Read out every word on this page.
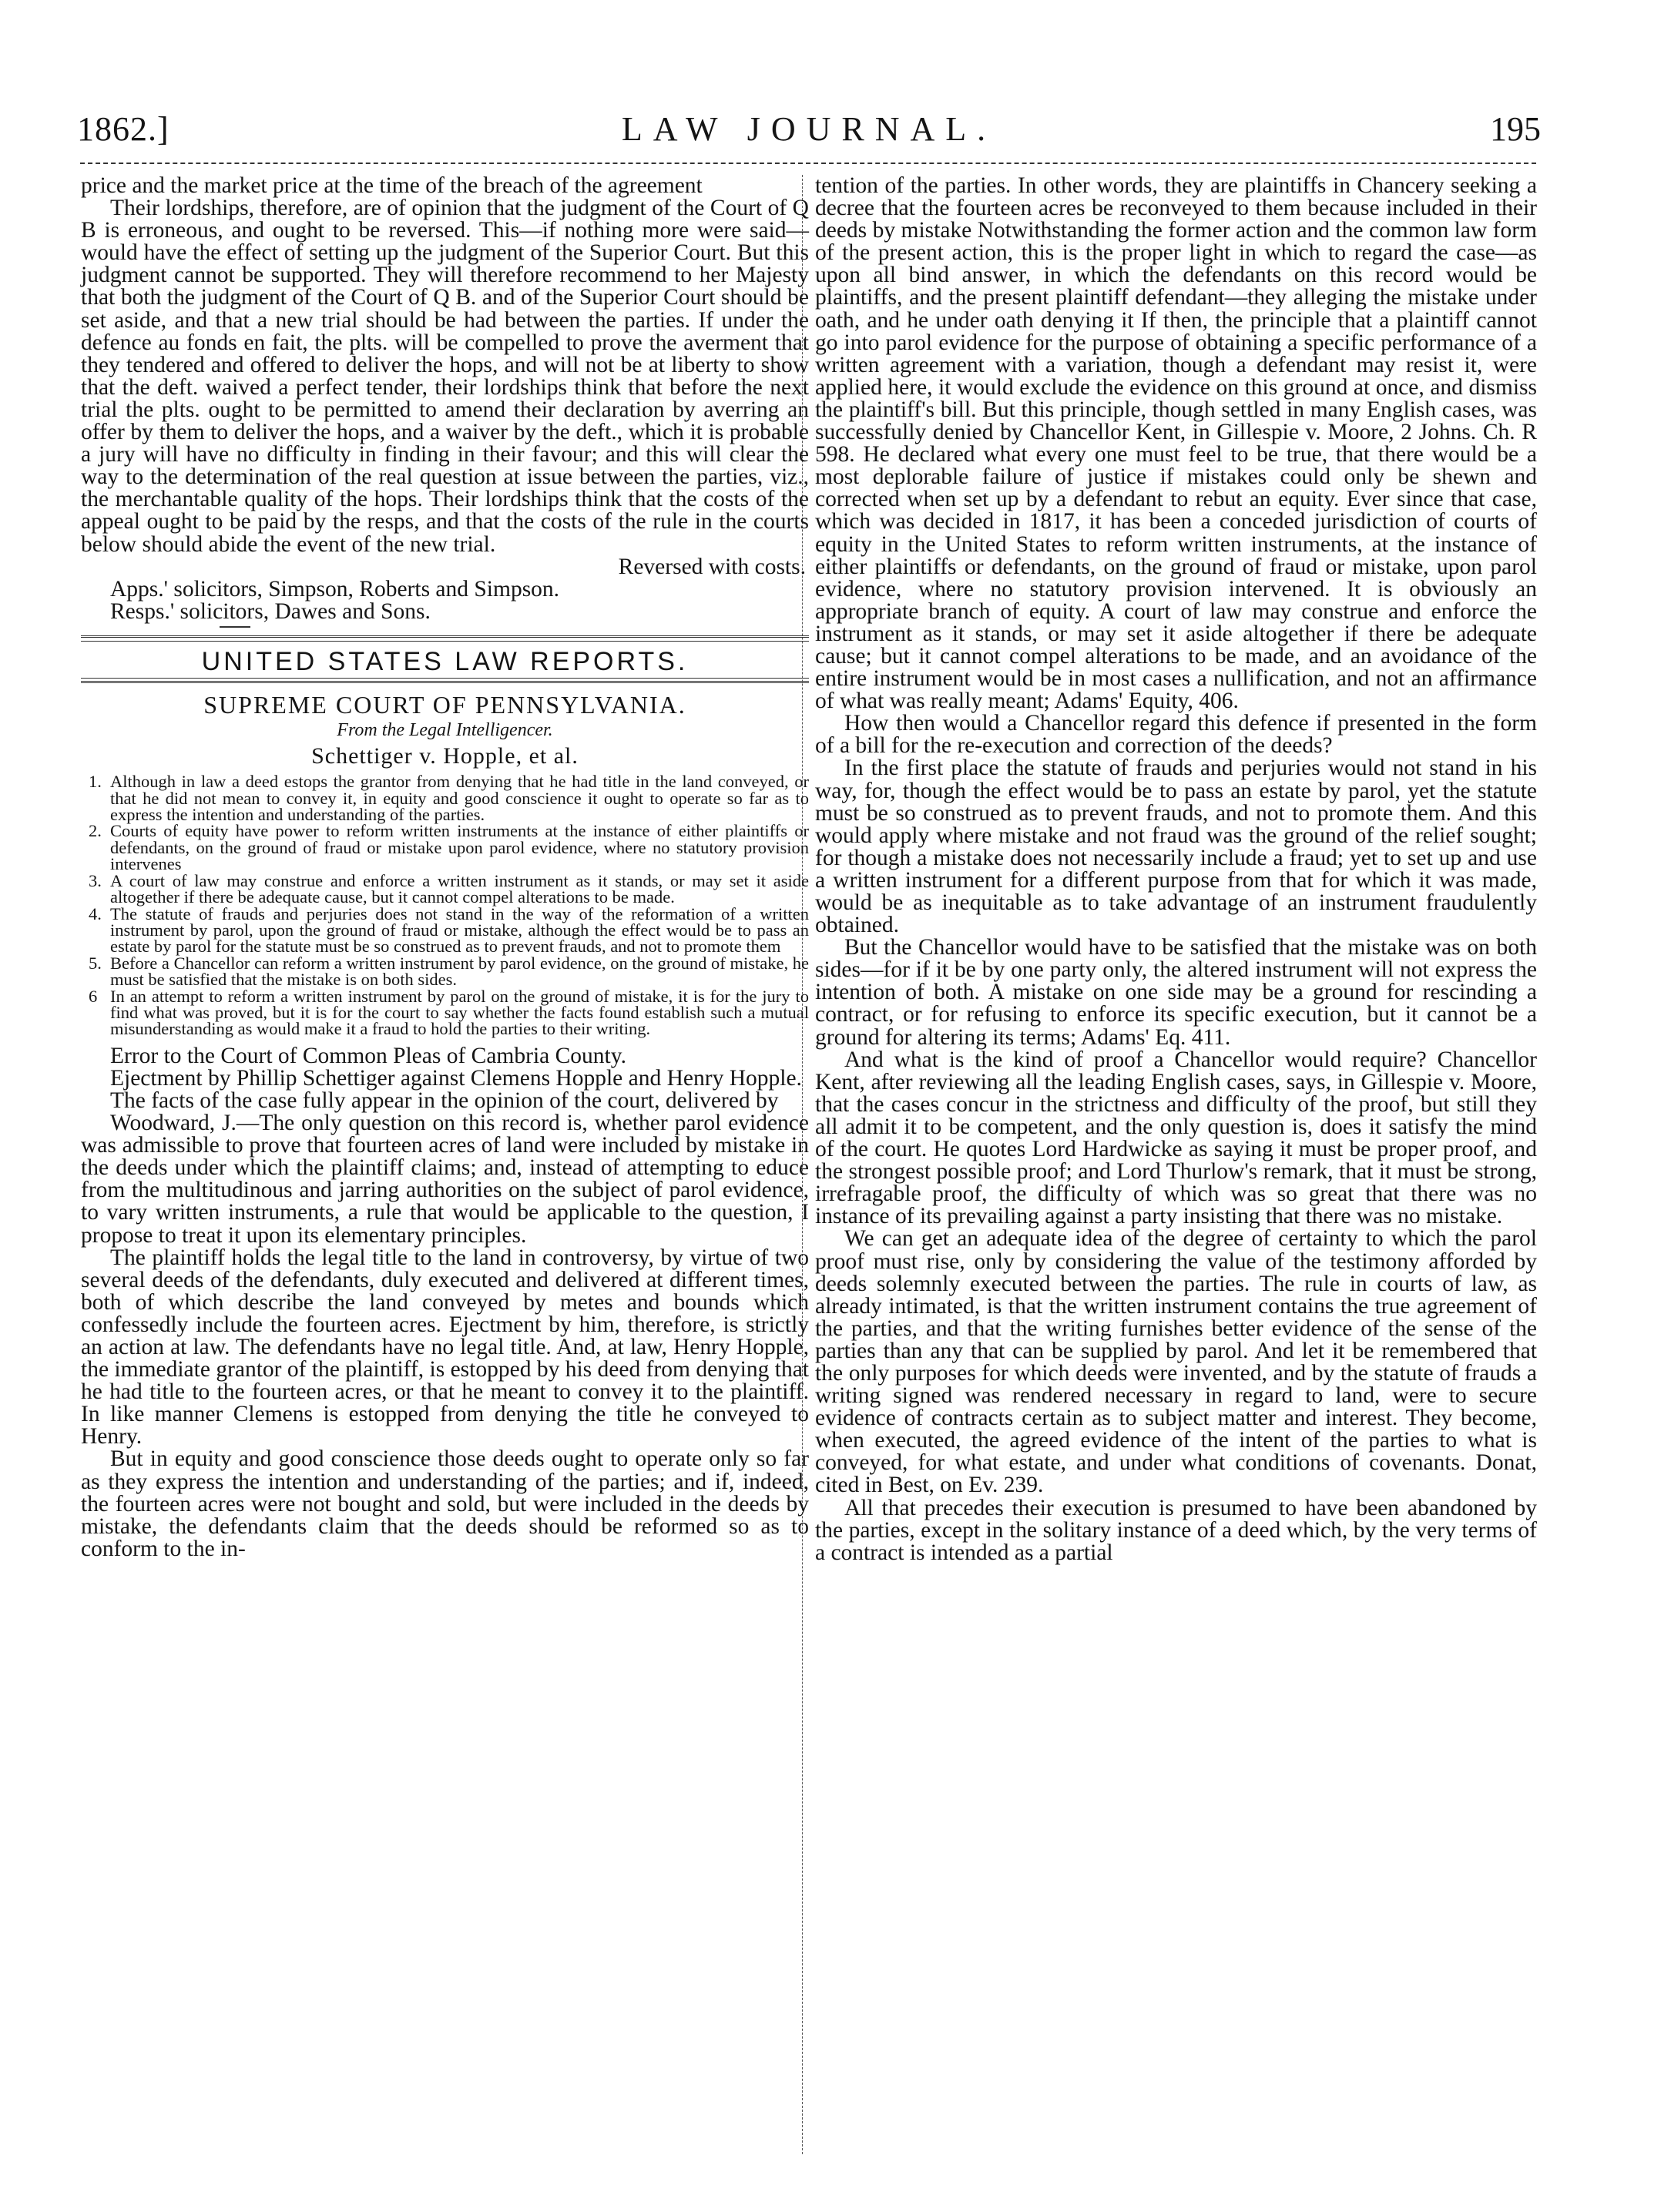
1862.]	LAW JOURNAL.	195

price and the market price at the time of the breach of the agreement

Their lordships, therefore, are of opinion that the judgment of the Court of Q B is erroneous, and ought to be reversed. This—if nothing more were said—would have the effect of setting up the judgment of the Superior Court. But this judgment cannot be supported. They will therefore recommend to her Majesty that both the judgment of the Court of Q B. and of the Superior Court should be set aside, and that a new trial should be had between the parties. If under the defence au fonds en fait, the plts. will be compelled to prove the averment that they tendered and offered to deliver the hops, and will not be at liberty to show that the deft. waived a perfect tender, their lordships think that before the next trial the plts. ought to be permitted to amend their declaration by averring an offer by them to deliver the hops, and a waiver by the deft., which it is probable a jury will have no difficulty in finding in their favour; and this will clear the way to the determination of the real question at issue between the parties, viz., the merchantable quality of the hops. Their lordships think that the costs of the appeal ought to be paid by the resps, and that the costs of the rule in the courts below should abide the event of the new trial.

Reversed with costs.

Apps.' solicitors, Simpson, Roberts and Simpson.

Resps.' solicitors, Dawes and Sons.

UNITED STATES LAW REPORTS.
SUPREME COURT OF PENNSYLVANIA.
From the Legal Intelligencer.
Schettiger v. Hopple, et al.
1. Although in law a deed estops the grantor from denying that he had title in the land conveyed, or that he did not mean to convey it, in equity and good conscience it ought to operate so far as to express the intention and understanding of the parties.
2. Courts of equity have power to reform written instruments at the instance of either plaintiffs or defendants, on the ground of fraud or mistake upon parol evidence, where no statutory provision intervenes
3. A court of law may construe and enforce a written instrument as it stands, or may set it aside altogether if there be adequate cause, but it cannot compel alterations to be made.
4. The statute of frauds and perjuries does not stand in the way of the reformation of a written instrument by parol, upon the ground of fraud or mistake, although the effect would be to pass an estate by parol for the statute must be so construed as to prevent frauds, and not to promote them
5. Before a Chancellor can reform a written instrument by parol evidence, on the ground of mistake, he must be satisfied that the mistake is on both sides.
6 In an attempt to reform a written instrument by parol on the ground of mistake, it is for the jury to find what was proved, but it is for the court to say whether the facts found establish such a mutual misunderstanding as would make it a fraud to hold the parties to their writing.

Error to the Court of Common Pleas of Cambria County.

Ejectment by Phillip Schettiger against Clemens Hopple and Henry Hopple.

The facts of the case fully appear in the opinion of the court, delivered by

Woodward, J.—The only question on this record is, whether parol evidence was admissible to prove that fourteen acres of land were included by mistake in the deeds under which the plaintiff claims; and, instead of attempting to educe from the multitudinous and jarring authorities on the subject of parol evidence, to vary written instruments, a rule that would be applicable to the question, I propose to treat it upon its elementary principles.

The plaintiff holds the legal title to the land in controversy, by virtue of two several deeds of the defendants, duly executed and delivered at different times, both of which describe the land conveyed by metes and bounds which confessedly include the fourteen acres. Ejectment by him, therefore, is strictly an action at law. The defendants have no legal title. And, at law, Henry Hopple, the immediate grantor of the plaintiff, is estopped by his deed from denying that he had title to the fourteen acres, or that he meant to convey it to the plaintiff. In like manner Clemens is estopped from denying the title he conveyed to Henry.

But in equity and good conscience those deeds ought to operate only so far as they express the intention and understanding of the parties; and if, indeed, the fourteen acres were not bought and sold, but were included in the deeds by mistake, the defendants claim that the deeds should be reformed so as to conform to the in-

tention of the parties. In other words, they are plaintiffs in Chancery seeking a decree that the fourteen acres be reconveyed to them because included in their deeds by mistake Notwithstanding the former action and the common law form of the present action, this is the proper light in which to regard the case—as upon all bind answer, in which the defendants on this record would be plaintiffs, and the present plaintiff defendant—they alleging the mistake under oath, and he under oath denying it If then, the principle that a plaintiff cannot go into parol evidence for the purpose of obtaining a specific performance of a written agreement with a variation, though a defendant may resist it, were applied here, it would exclude the evidence on this ground at once, and dismiss the plaintiff's bill. But this principle, though settled in many English cases, was successfully denied by Chancellor Kent, in Gillespie v. Moore, 2 Johns. Ch. R 598. He declared what every one must feel to be true, that there would be a most deplorable failure of justice if mistakes could only be shewn and corrected when set up by a defendant to rebut an equity. Ever since that case, which was decided in 1817, it has been a conceded jurisdiction of courts of equity in the United States to reform written instruments, at the instance of either plaintiffs or defendants, on the ground of fraud or mistake, upon parol evidence, where no statutory provision intervened. It is obviously an appropriate branch of equity. A court of law may construe and enforce the instrument as it stands, or may set it aside altogether if there be adequate cause; but it cannot compel alterations to be made, and an avoidance of the entire instrument would be in most cases a nullification, and not an affirmance of what was really meant; Adams' Equity, 406.

How then would a Chancellor regard this defence if presented in the form of a bill for the re-execution and correction of the deeds?

In the first place the statute of frauds and perjuries would not stand in his way, for, though the effect would be to pass an estate by parol, yet the statute must be so construed as to prevent frauds, and not to promote them. And this would apply where mistake and not fraud was the ground of the relief sought; for though a mistake does not necessarily include a fraud; yet to set up and use a written instrument for a different purpose from that for which it was made, would be as inequitable as to take advantage of an instrument fraudulently obtained.

But the Chancellor would have to be satisfied that the mistake was on both sides—for if it be by one party only, the altered instrument will not express the intention of both. A mistake on one side may be a ground for rescinding a contract, or for refusing to enforce its specific execution, but it cannot be a ground for altering its terms; Adams' Eq. 411.

And what is the kind of proof a Chancellor would require? Chancellor Kent, after reviewing all the leading English cases, says, in Gillespie v. Moore, that the cases concur in the strictness and difficulty of the proof, but still they all admit it to be competent, and the only question is, does it satisfy the mind of the court. He quotes Lord Hardwicke as saying it must be proper proof, and the strongest possible proof; and Lord Thurlow's remark, that it must be strong, irrefragable proof, the difficulty of which was so great that there was no instance of its prevailing against a party insisting that there was no mistake.

We can get an adequate idea of the degree of certainty to which the parol proof must rise, only by considering the value of the testimony afforded by deeds solemnly executed between the parties. The rule in courts of law, as already intimated, is that the written instrument contains the true agreement of the parties, and that the writing furnishes better evidence of the sense of the parties than any that can be supplied by parol. And let it be remembered that the only purposes for which deeds were invented, and by the statute of frauds a writing signed was rendered necessary in regard to land, were to secure evidence of contracts certain as to subject matter and interest. They become, when executed, the agreed evidence of the intent of the parties to what is conveyed, for what estate, and under what conditions of covenants. Donat, cited in Best, on Ev. 239.

All that precedes their execution is presumed to have been abandoned by the parties, except in the solitary instance of a deed which, by the very terms of a contract is intended as a partial
